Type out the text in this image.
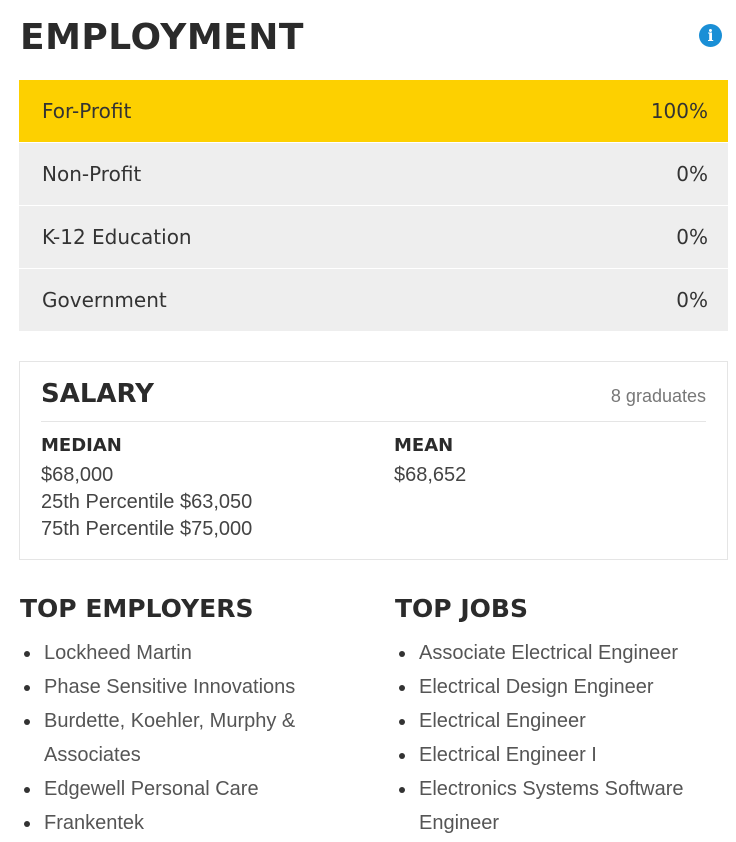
EMPLOYMENT	i
For-Profit	100%
Non-Profit	0%
K-12 Education	0%
Government	0%
SALARY	8 graduates
MEDIAN
$68,000
25th Percentile $63,050
75th Percentile $75,000
MEAN
$68,652
TOP EMPLOYERS
Lockheed Martin
Phase Sensitive Innovations
Burdette, Koehler, Murphy & Associates
Edgewell Personal Care
Frankentek
TOP JOBS
Associate Electrical Engineer
Electrical Design Engineer
Electrical Engineer
Electrical Engineer I
Electronics Systems Software Engineer
